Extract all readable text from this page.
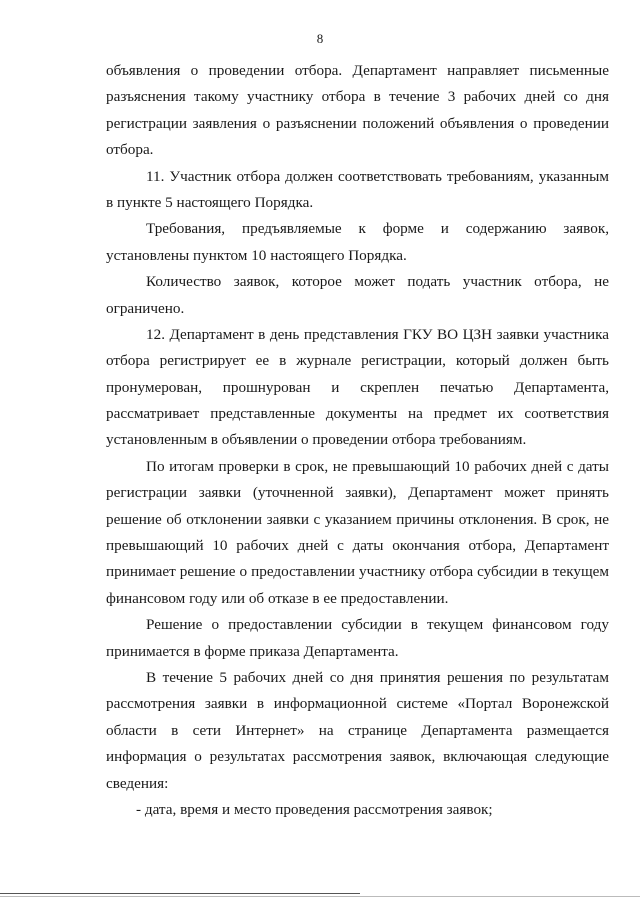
8
объявления о проведении отбора. Департамент направляет письменные
разъяснения такому участнику отбора в течение 3 рабочих дней со дня
регистрации заявления о разъяснении положений объявления о проведении
отбора.
11. Участник отбора должен соответствовать требованиям, указанным
в пункте 5 настоящего Порядка.
Требования, предъявляемые к форме и содержанию заявок,
установлены пунктом 10 настоящего Порядка.
Количество заявок, которое может подать участник отбора, не
ограничено.
12. Департамент в день представления ГКУ ВО ЦЗН заявки участника
отбора регистрирует ее в журнале регистрации, который должен быть
пронумерован, прошнурован и скреплен печатью Департамента,
рассматривает представленные документы на предмет их соответствия
установленным в объявлении о проведении отбора требованиям.
По итогам проверки в срок, не превышающий 10 рабочих дней с даты
регистрации заявки (уточненной заявки), Департамент может принять
решение об отклонении заявки с указанием причины отклонения. В срок, не
превышающий 10 рабочих дней с даты окончания отбора, Департамент
принимает решение о предоставлении участнику отбора субсидии в текущем
финансовом году или об отказе в ее предоставлении.
Решение о предоставлении субсидии в текущем финансовом году
принимается в форме приказа Департамента.
В течение 5 рабочих дней со дня принятия решения по результатам
рассмотрения заявки в информационной системе «Портал Воронежской
области в сети Интернет» на странице Департамента размещается
информация о результатах рассмотрения заявок, включающая следующие
сведения:
- дата, время и место проведения рассмотрения заявок;
